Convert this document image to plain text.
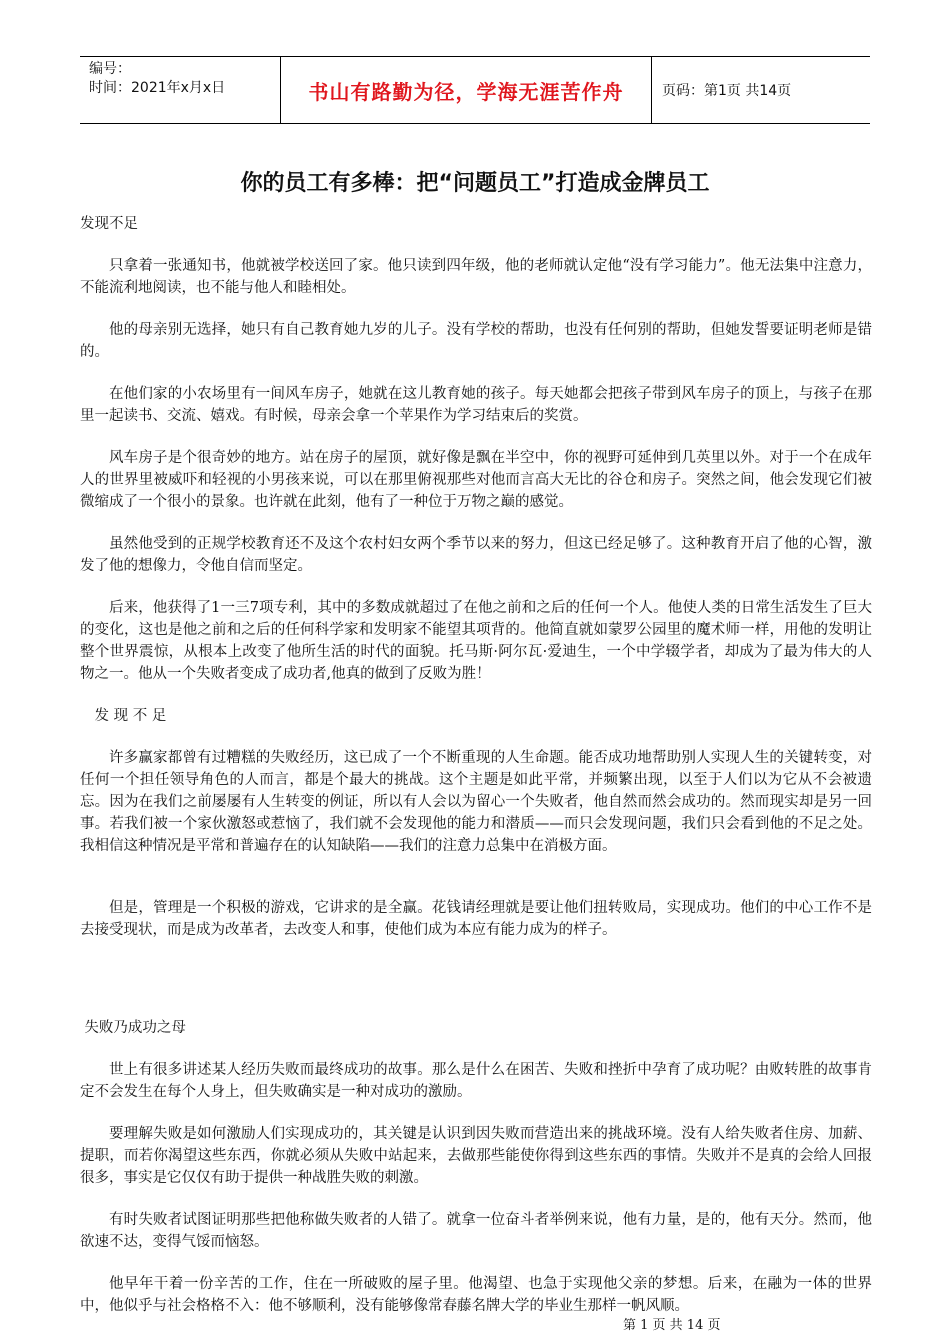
编号：
时间：2021年x月x日	书山有路勤为径，学海无涯苦作舟	页码：第1页 共14页
你的员工有多棒：把“问题员工”打造成金牌员工

发现不足

只拿着一张通知书，他就被学校送回了家。他只读到四年级，他的老师就认定他“没有学习能力”。他无法集中注意力，不能流利地阅读，也不能与他人和睦相处。

他的母亲别无选择，她只有自己教育她九岁的儿子。没有学校的帮助，也没有任何别的帮助，但她发誓要证明老师是错的。

在他们家的小农场里有一间风车房子，她就在这儿教育她的孩子。每天她都会把孩子带到风车房子的顶上，与孩子在那里一起读书、交流、嬉戏。有时候，母亲会拿一个苹果作为学习结束后的奖赏。

风车房子是个很奇妙的地方。站在房子的屋顶，就好像是飘在半空中，你的视野可延伸到几英里以外。对于一个在成年人的世界里被威吓和轻视的小男孩来说，可以在那里俯视那些对他而言高大无比的谷仓和房子。突然之间，他会发现它们被微缩成了一个很小的景象。也许就在此刻，他有了一种位于万物之巅的感觉。

虽然他受到的正规学校教育还不及这个农村妇女两个季节以来的努力，但这已经足够了。这种教育开启了他的心智，激发了他的想像力，令他自信而坚定。

后来，他获得了1一三7项专利，其中的多数成就超过了在他之前和之后的任何一个人。他使人类的日常生活发生了巨大的变化，这也是他之前和之后的任何科学家和发明家不能望其项背的。他简直就如蒙罗公园里的魔术师一样，用他的发明让整个世界震惊，从根本上改变了他所生活的时代的面貌。托马斯·阿尔瓦·爱迪生，一个中学辍学者，却成为了最为伟大的人物之一。他从一个失败者变成了成功者,他真的做到了反败为胜！

发 现 不 足

许多赢家都曾有过糟糕的失败经历，这已成了一个不断重现的人生命题。能否成功地帮助别人实现人生的关键转变，对任何一个担任领导角色的人而言，都是个最大的挑战。这个主题是如此平常，并频繁出现，以至于人们以为它从不会被遗忘。因为在我们之前屡屡有人生转变的例证，所以有人会以为留心一个失败者，他自然而然会成功的。然而现实却是另一回事。若我们被一个家伙激怒或惹恼了，我们就不会发现他的能力和潜质——而只会发现问题，我们只会看到他的不足之处。我相信这种情况是平常和普遍存在的认知缺陷——我们的注意力总集中在消极方面。

但是，管理是一个积极的游戏，它讲求的是全赢。花钱请经理就是要让他们扭转败局，实现成功。他们的中心工作不是去接受现状，而是成为改革者，去改变人和事，使他们成为本应有能力成为的样子。

失败乃成功之母

世上有很多讲述某人经历失败而最终成功的故事。那么是什么在困苦、失败和挫折中孕育了成功呢？由败转胜的故事肯定不会发生在每个人身上，但失败确实是一种对成功的激励。

要理解失败是如何激励人们实现成功的，其关键是认识到因失败而营造出来的挑战环境。没有人给失败者住房、加薪、提职，而若你渴望这些东西，你就必须从失败中站起来，去做那些能使你得到这些东西的事情。失败并不是真的会给人回报很多，事实是它仅仅有助于提供一种战胜失败的刺激。

有时失败者试图证明那些把他称做失败者的人错了。就拿一位奋斗者举例来说，他有力量，是的，他有天分。然而，他欲速不达，变得气馁而恼怒。

他早年干着一份辛苦的工作，住在一所破败的屋子里。他渴望、也急于实现他父亲的梦想。后来，在融为一体的世界中，他似乎与社会格格不入：他不够顺利，没有能够像常春藤名牌大学的毕业生那样一帆风顺。

第 1 页 共 14 页
